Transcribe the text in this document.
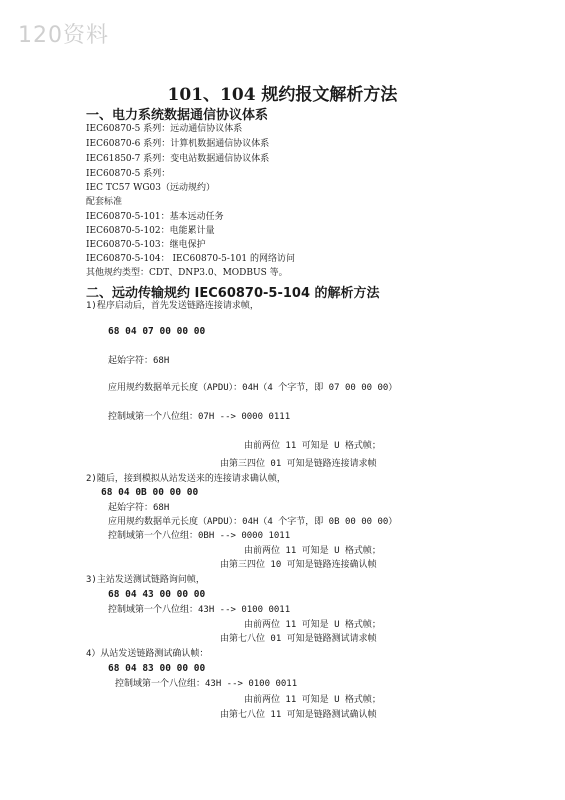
120资料
101、104 规约报文解析方法
一、电力系统数据通信协议体系
IEC60870-5 系列：远动通信协议体系
IEC60870-6 系列：计算机数据通信协议体系
IEC61850-7 系列：变电站数据通信协议体系
IEC60870-5 系列：
IEC TC57 WG03（远动规约）
配套标准
IEC60870-5-101：基本远动任务
IEC60870-5-102：电能累计量
IEC60870-5-103：继电保护
IEC60870-5-104： IEC60870-5-101 的网络访问
其他规约类型：CDT、DNP3.0、MODBUS 等。
二、远动传输规约 IEC60870-5-104 的解析方法
1)程序启动后，首先发送链路连接请求帧，
68 04 07 00 00 00
起始字符：68H
应用规约数据单元长度（APDU）：04H（4 个字节，即 07 00 00 00）
控制域第一个八位组：07H --> 0000 0111
由前两位 11 可知是 U 格式帧；
由第三四位 01 可知是链路连接请求帧
2)随后，接到模拟从站发送来的连接请求确认帧，
68 04 0B 00 00 00
起始字符：68H
应用规约数据单元长度（APDU）：04H（4 个字节，即 0B 00 00 00）
控制域第一个八位组：0BH --> 0000 1011
由前两位 11 可知是 U 格式帧；
由第三四位 10 可知是链路连接确认帧
3)主站发送测试链路询问帧，
68 04 43 00 00 00
控制域第一个八位组：43H --> 0100 0011
由前两位 11 可知是 U 格式帧；
由第七八位 01 可知是链路测试请求帧
4）从站发送链路测试确认帧：
68 04 83 00 00 00
控制域第一个八位组：43H --> 0100 0011
由前两位 11 可知是 U 格式帧；
由第七八位 11 可知是链路测试确认帧
